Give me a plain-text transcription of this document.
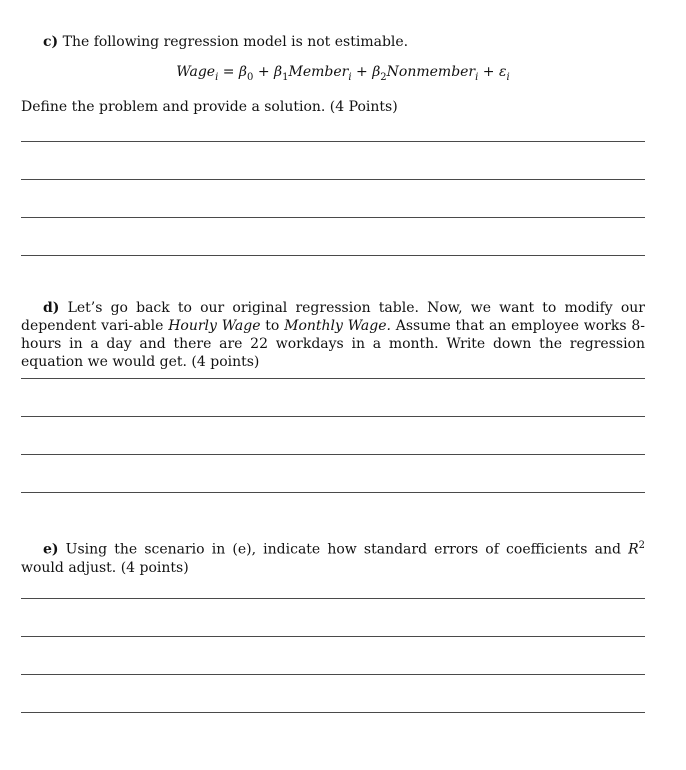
c) The following regression model is not estimable.
Wage$_i$ = $\beta_0$ + $\beta_1Member_i$ + $\beta_2Nonmember_i + \varepsilon_i$
Define the problem and provide a solution. (4 Points)
d) Let’s go back to our original regression table. Now, we want to modify our dependent vari-able Hourly Wage to Monthly Wage. Assume that an employee works 8-hours in a day and there are 22 workdays in a month. Write down the regression equation we would get. (4 points)
e) Using the scenario in (e), indicate how standard errors of coefficients and $R^2$ would adjust. (4 points)
